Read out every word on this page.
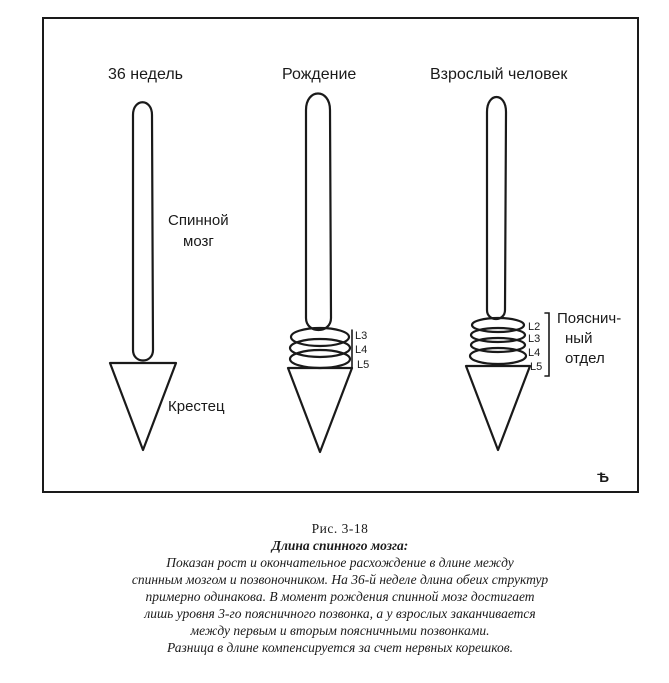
36 недель	Рождение	Взрослый человек
Спинной
мозг
Крестец
L3
L4
L5
L2
L3
L4
L5
Пояснич-
ный
отдел
Ѣ
Рис. 3-18
Длина спинного мозга:
Показан рост и окончательное расхождение в длине между
спинным мозгом и позвоночником. На 36-й неделе длина обеих структур
примерно одинакова. В момент рождения спинной мозг достигает
лишь уровня 3-го поясничного позвонка, а у взрослых заканчивается
между первым и вторым поясничными позвонками.
Разница в длине компенсируется за счет нервных корешков.
